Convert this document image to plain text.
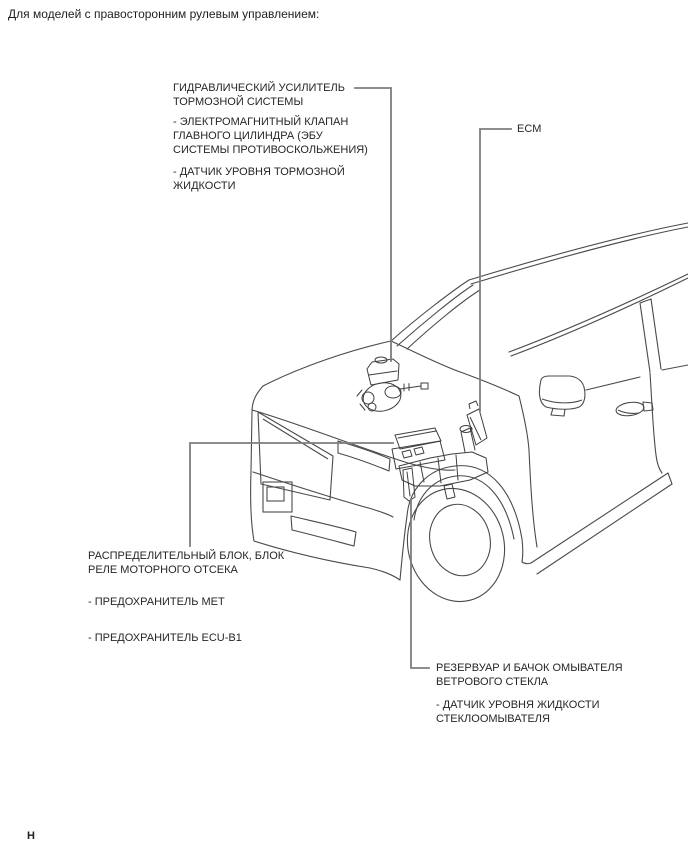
Для моделей с правосторонним рулевым управлением:
ГИДРАВЛИЧЕСКИЙ УСИЛИТЕЛЬ
ТОРМОЗНОЙ СИСТЕМЫ
- ЭЛЕКТРОМАГНИТНЫЙ КЛАПАН
ГЛАВНОГО ЦИЛИНДРА (ЭБУ
СИСТЕМЫ ПРОТИВОСКОЛЬЖЕНИЯ)
- ДАТЧИК УРОВНЯ ТОРМОЗНОЙ
ЖИДКОСТИ
ECM
РАСПРЕДЕЛИТЕЛЬНЫЙ БЛОК, БЛОК
РЕЛЕ МОТОРНОГО ОТСЕКА
- ПРЕДОХРАНИТЕЛЬ MET
- ПРЕДОХРАНИТЕЛЬ ECU-B1
РЕЗЕРВУАР И БАЧОК ОМЫВАТЕЛЯ
ВЕТРОВОГО СТЕКЛА
- ДАТЧИК УРОВНЯ ЖИДКОСТИ
СТЕКЛООМЫВАТЕЛЯ
Н
